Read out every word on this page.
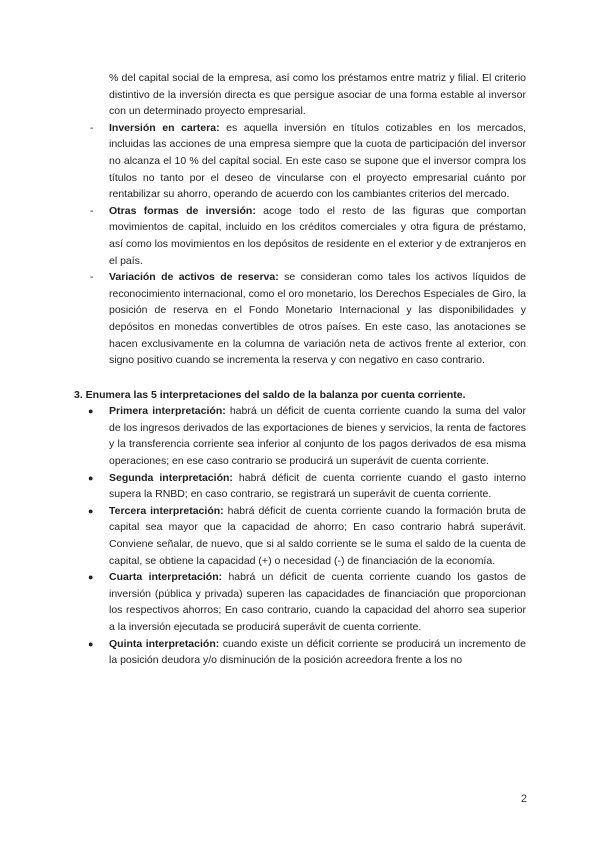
% del capital social de la empresa, así como los préstamos entre matriz y filial. El criterio distintivo de la inversión directa es que persigue asociar de una forma estable al inversor con un determinado proyecto empresarial.
- Inversión en cartera: es aquella inversión en títulos cotizables en los mercados, incluidas las acciones de una empresa siempre que la cuota de participación del inversor no alcanza el 10 % del capital social. En este caso se supone que el inversor compra los títulos no tanto por el deseo de vincularse con el proyecto empresarial cuánto por rentabilizar su ahorro, operando de acuerdo con los cambiantes criterios del mercado.
- Otras formas de inversión: acoge todo el resto de las figuras que comportan movimientos de capital, incluido en los créditos comerciales y otra figura de préstamo, así como los movimientos en los depósitos de residente en el exterior y de extranjeros en el país.
- Variación de activos de reserva: se consideran como tales los activos líquidos de reconocimiento internacional, como el oro monetario, los Derechos Especiales de Giro, la posición de reserva en el Fondo Monetario Internacional y las disponibilidades y depósitos en monedas convertibles de otros países. En este caso, las anotaciones se hacen exclusivamente en la columna de variación neta de activos frente al exterior, con signo positivo cuando se incrementa la reserva y con negativo en caso contrario.
3. Enumera las 5 interpretaciones del saldo de la balanza por cuenta corriente.
● Primera interpretación: habrá un déficit de cuenta corriente cuando la suma del valor de los ingresos derivados de las exportaciones de bienes y servicios, la renta de factores y la transferencia corriente sea inferior al conjunto de los pagos derivados de esa misma operaciones; en ese caso contrario se producirá un superávit de cuenta corriente.
● Segunda interpretación: habrá déficit de cuenta corriente cuando el gasto interno supera la RNBD; en caso contrario, se registrará un superávit de cuenta corriente.
● Tercera interpretación: habrá déficit de cuenta corriente cuando la formación bruta de capital sea mayor que la capacidad de ahorro; En caso contrario habrá superávit. Conviene señalar, de nuevo, que si al saldo corriente se le suma el saldo de la cuenta de capital, se obtiene la capacidad (+) o necesidad (-) de financiación de la economía.
● Cuarta interpretación: habrá un déficit de cuenta corriente cuando los gastos de inversión (pública y privada) superen las capacidades de financiación que proporcionan los respectivos ahorros; En caso contrario, cuando la capacidad del ahorro sea superior a la inversión ejecutada se producirá superávit de cuenta corriente.
● Quinta interpretación: cuando existe un déficit corriente se producirá un incremento de la posición deudora y/o disminución de la posición acreedora frente a los no
2
